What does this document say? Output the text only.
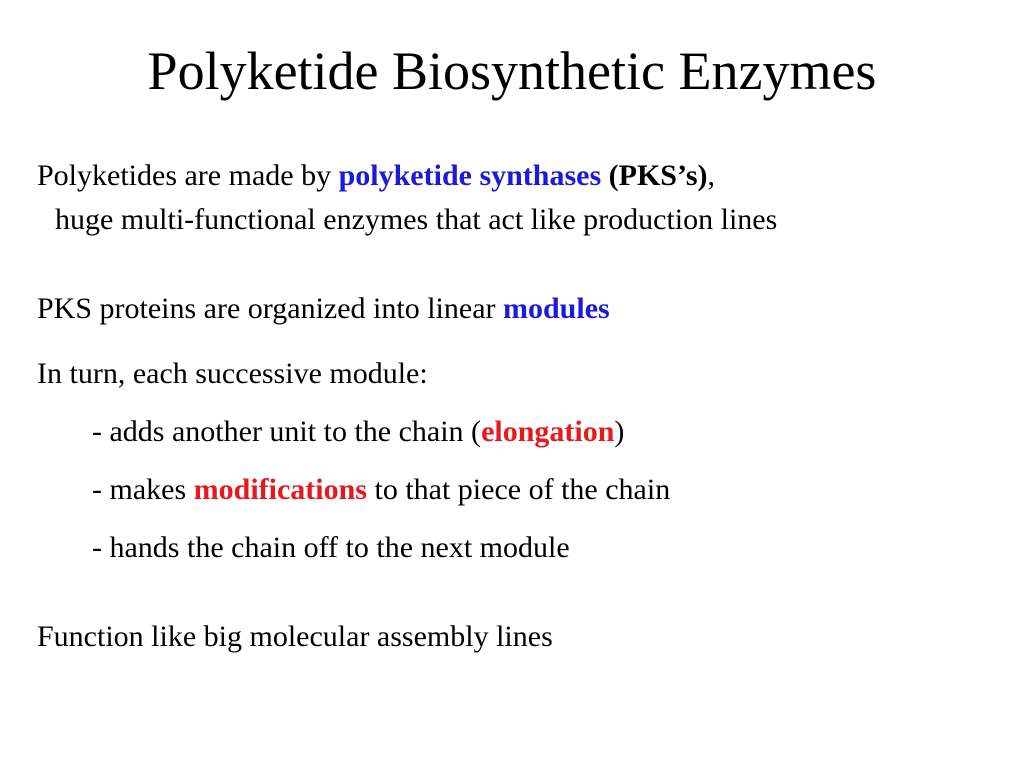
Polyketide Biosynthetic Enzymes
Polyketides are made by polyketide synthases (PKS’s),
huge multi-functional enzymes that act like production lines
PKS proteins are organized into linear modules
In turn, each successive module:
- adds another unit to the chain (elongation)
- makes modifications to that piece of the chain
- hands the chain off to the next module
Function like big molecular assembly lines
